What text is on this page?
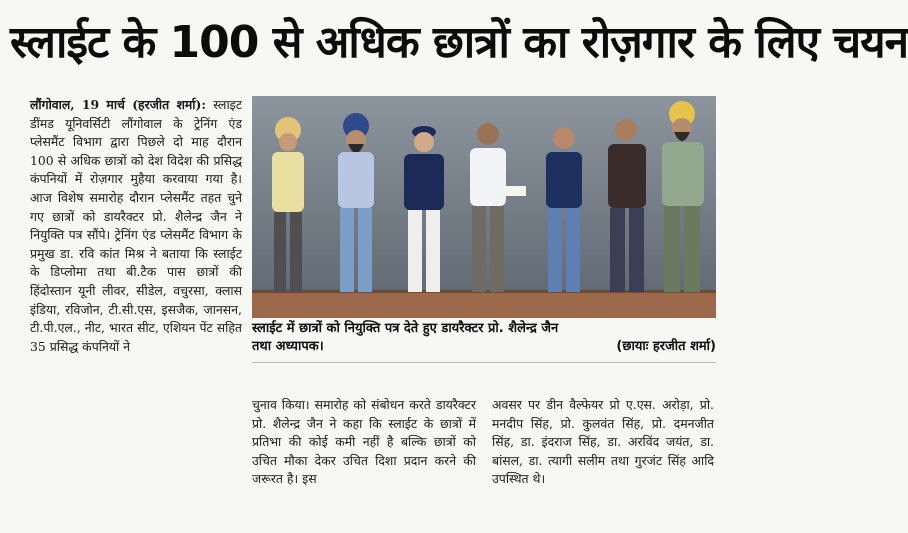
स्लाईट के 100 से अधिक छात्रों का रोज़गार के लिए चयन
लौंगोवाल, 19 मार्च (हरजीत शर्मा): स्लाइट डींमड यूनिवर्सिटी लौंगोवाल के ट्रेनिंग एंड प्लेसमैंट विभाग द्वारा पिछले दो माह दौरान 100 से अधिक छात्रों को देश विदेश की प्रसिद्ध कंपनियों में रोज़गार मुहैया करवाया गया है। आज विशेष समारोह दौरान प्लेसमैंट तहत चुने गए छात्रों को डायरैक्टर प्रो. शैलेन्द्र जैन ने नियुक्ति पत्र सौंपे। ट्रेनिंग एंड प्लेसमैंट विभाग के प्रमुख डा. रवि कांत मिश्र ने बताया कि स्लाईट के डिप्लोमा तथा बी.टैक पास छात्रों की हिंदोस्तान यूनी लीवर, सीडेल, वचुरसा, क्लास इंडिया, रविजोन, टी.सी.एस, इसजैक, जानसन, टी.पी.एल., नीट, भारत सीट, एशियन पेंट सहित 35 प्रसिद्ध कंपनियों ने
स्लाईट में छात्रों को नियुक्ति पत्र देते हुए डायरैक्टर प्रो. शैलेन्द्र जैन
तथा अध्यापक।	(छायाः हरजीत शर्मा)

चुनाव किया। समारोह को संबोधन करते डायरैक्टर प्रो. शैलेन्द्र जैन ने कहा कि स्लाईट के छात्रों में प्रतिभा की कोई कमी नहीं है बल्कि छात्रों को उचित मौका देकर उचित दिशा प्रदान करने की जरूरत है। इस

अवसर पर डीन वैल्फेयर प्रो ए.एस. अरोड़ा, प्रो. मनदीप सिंह, प्रो. कुलवंत सिंह, प्रो. दमनजीत सिंह, डा. इंदराज सिंह, डा. अरविंद जयंत, डा. बांसल, डा. त्यागी सलीम तथा गुरजंट सिंह आदि उपस्थित थे।
